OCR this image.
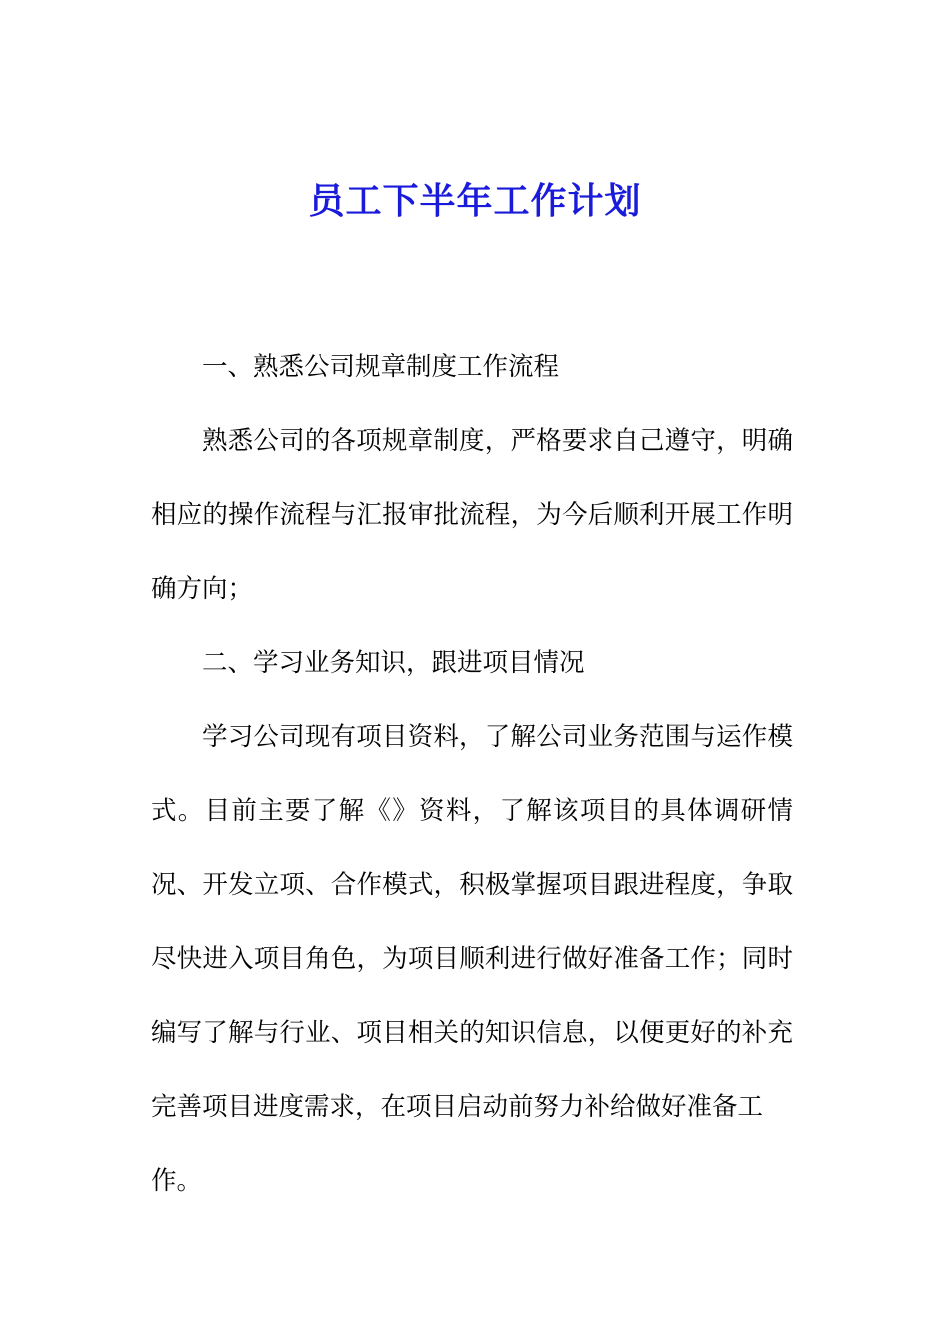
员工下半年工作计划
一、熟悉公司规章制度工作流程
熟悉公司的各项规章制度，严格要求自己遵守，明确
相应的操作流程与汇报审批流程，为今后顺利开展工作明
确方向；
二、学习业务知识，跟进项目情况
学习公司现有项目资料，了解公司业务范围与运作模
式。目前主要了解《》资料，了解该项目的具体调研情
况、开发立项、合作模式，积极掌握项目跟进程度，争取
尽快进入项目角色，为项目顺利进行做好准备工作；同时
编写了解与行业、项目相关的知识信息，以便更好的补充
完善项目进度需求，在项目启动前努力补给做好准备工
作。
